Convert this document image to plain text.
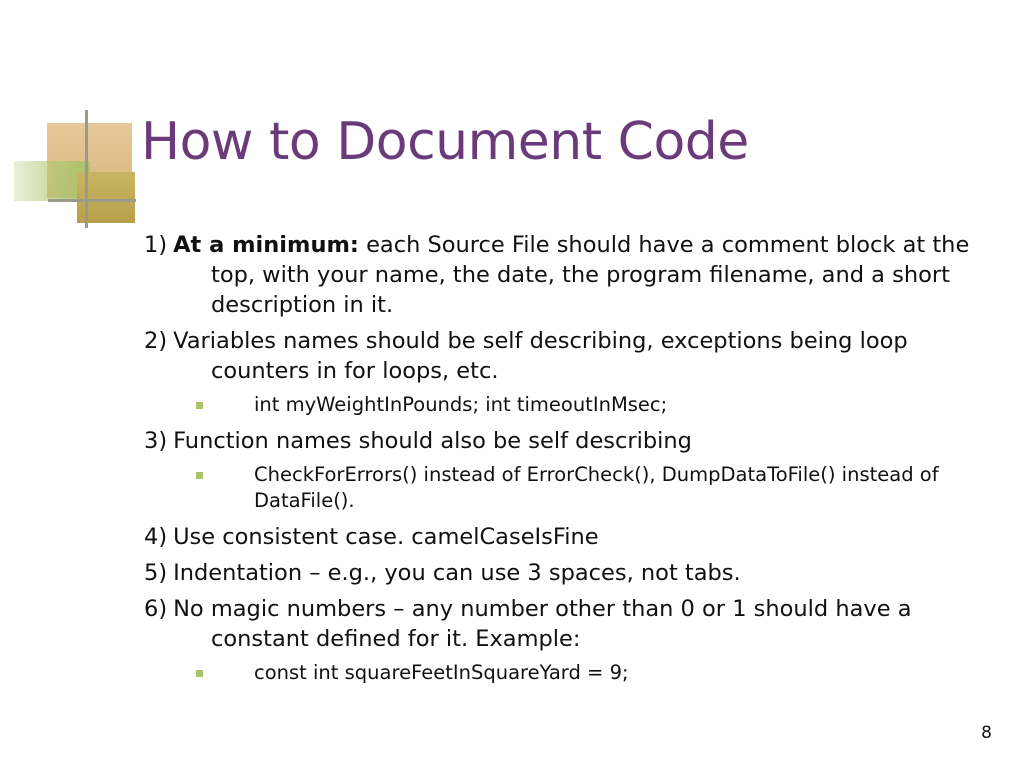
How to Document Code

1) At a minimum: each Source File should have a comment block at the top, with your name, the date, the program filename, and a short description in it.

2) Variables names should be self describing, exceptions being loop counters in for loops, etc.

int myWeightInPounds; int timeoutInMsec;

3) Function names should also be self describing

CheckForErrors() instead of ErrorCheck(), DumpDataToFile() instead of DataFile().

4) Use consistent case. camelCaseIsFine

5) Indentation – e.g., you can use 3 spaces, not tabs.

6) No magic numbers – any number other than 0 or 1 should have a constant defined for it. Example:

const int squareFeetInSquareYard = 9;
8
